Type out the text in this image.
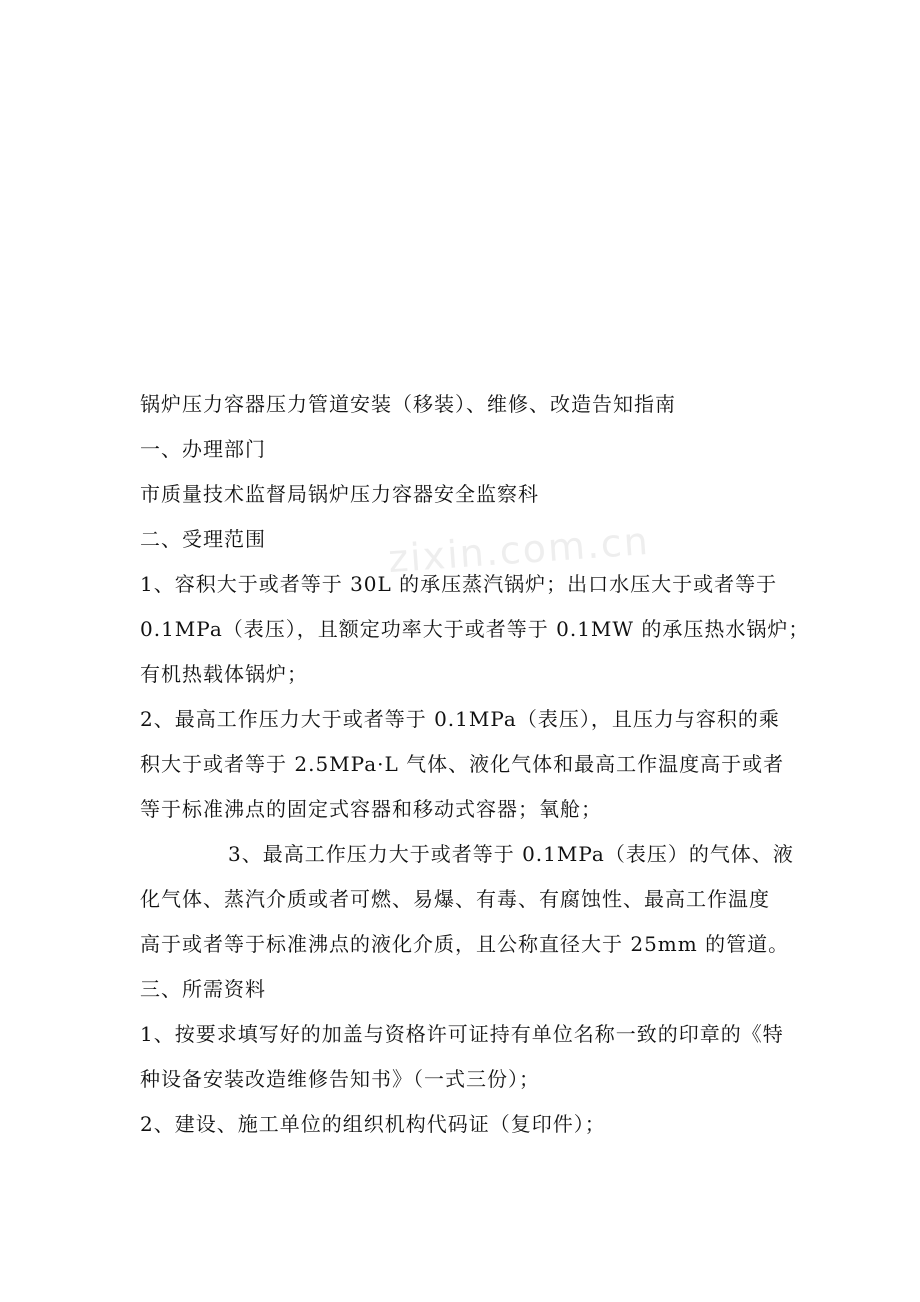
zixin.com.cn
锅炉压力容器压力管道安装（移装）、维修、改造告知指南
一、办理部门
市质量技术监督局锅炉压力容器安全监察科
二、受理范围
1、容积大于或者等于 30L 的承压蒸汽锅炉；出口水压大于或者等于
0.1MPa（表压），且额定功率大于或者等于 0.1MW 的承压热水锅炉；
有机热载体锅炉；
2、最高工作压力大于或者等于 0.1MPa（表压），且压力与容积的乘
积大于或者等于 2.5MPa·L 气体、液化气体和最高工作温度高于或者
等于标准沸点的固定式容器和移动式容器；氧舱；
3、最高工作压力大于或者等于 0.1MPa（表压）的气体、液
化气体、蒸汽介质或者可燃、易爆、有毒、有腐蚀性、最高工作温度
高于或者等于标准沸点的液化介质，且公称直径大于 25mm 的管道。
三、所需资料
1、按要求填写好的加盖与资格许可证持有单位名称一致的印章的《特
种设备安装改造维修告知书》（一式三份）；
2、建设、施工单位的组织机构代码证（复印件）；
